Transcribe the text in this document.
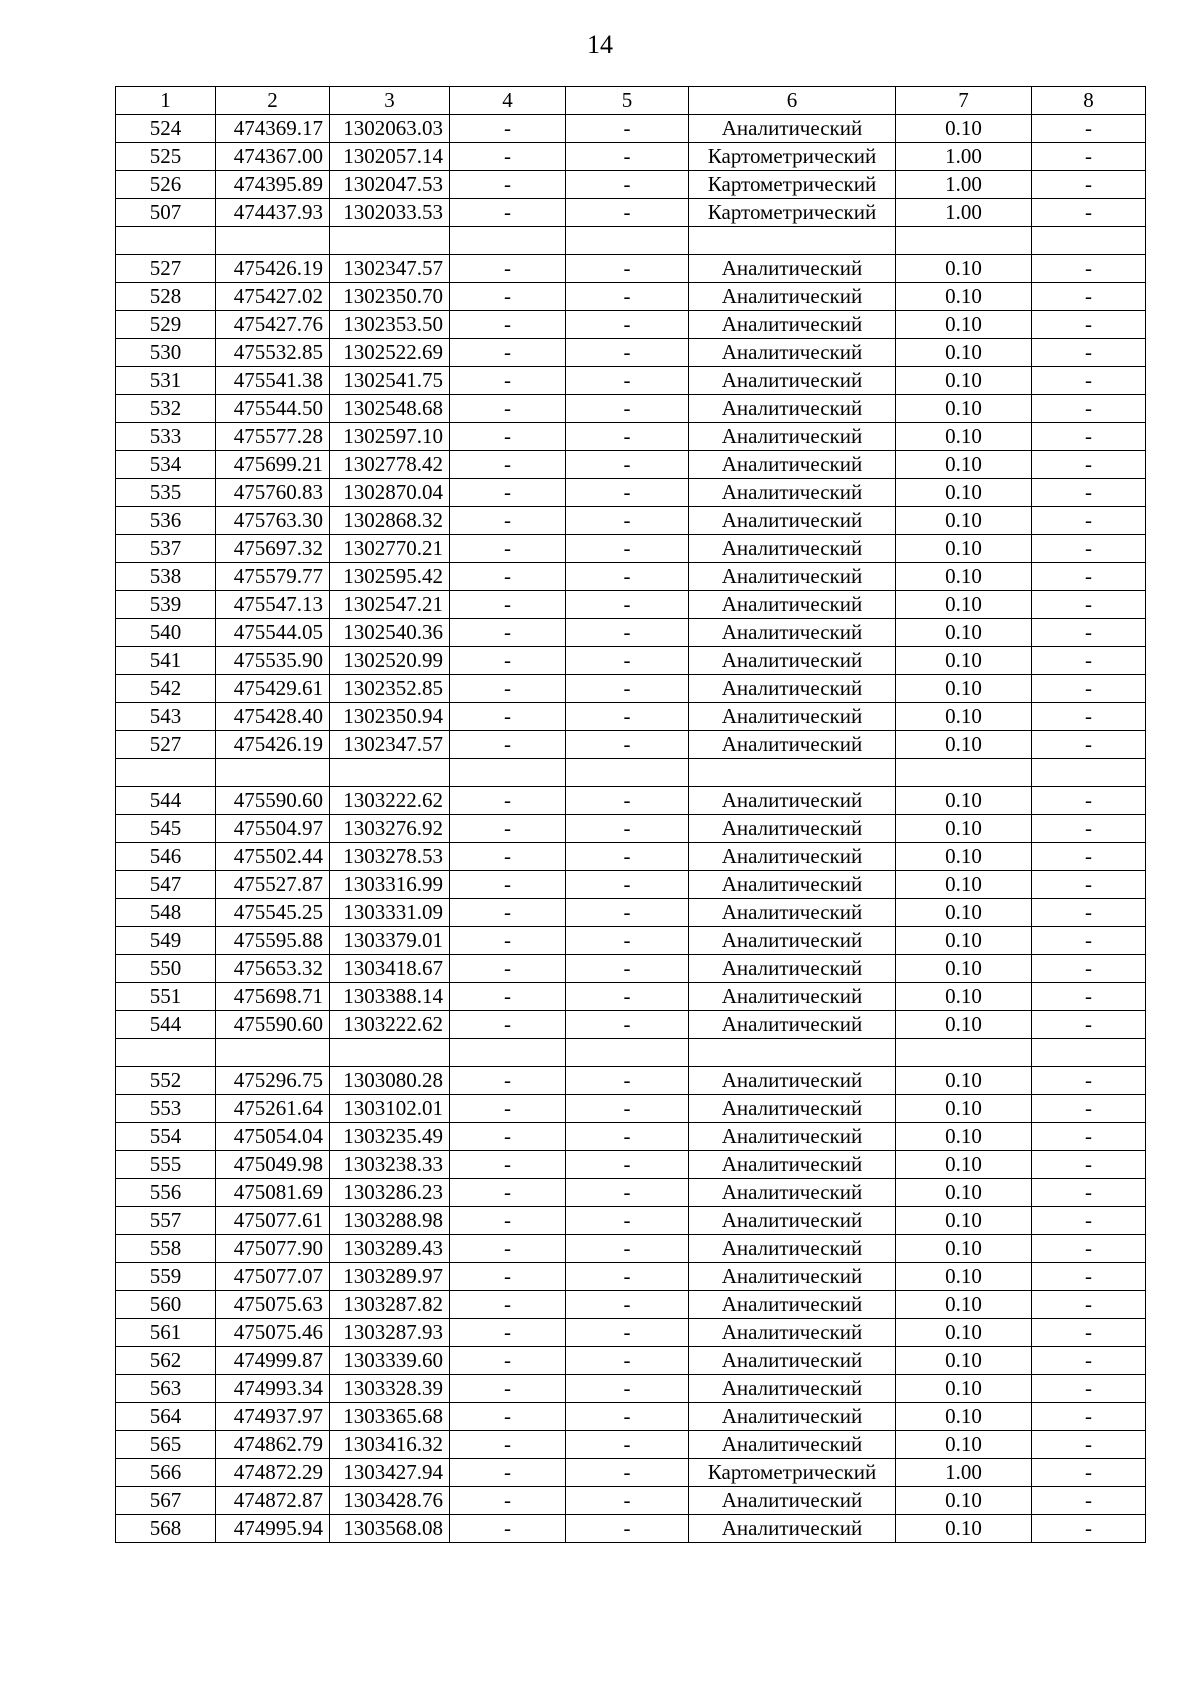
14
1	2	3	4	5	6	7	8
524	474369.17	1302063.03	-	-	Аналитический	0.10	-
525	474367.00	1302057.14	-	-	Картометрический	1.00	-
526	474395.89	1302047.53	-	-	Картометрический	1.00	-
507	474437.93	1302033.53	-	-	Картометрический	1.00	-

527	475426.19	1302347.57	-	-	Аналитический	0.10	-
528	475427.02	1302350.70	-	-	Аналитический	0.10	-
529	475427.76	1302353.50	-	-	Аналитический	0.10	-
530	475532.85	1302522.69	-	-	Аналитический	0.10	-
531	475541.38	1302541.75	-	-	Аналитический	0.10	-
532	475544.50	1302548.68	-	-	Аналитический	0.10	-
533	475577.28	1302597.10	-	-	Аналитический	0.10	-
534	475699.21	1302778.42	-	-	Аналитический	0.10	-
535	475760.83	1302870.04	-	-	Аналитический	0.10	-
536	475763.30	1302868.32	-	-	Аналитический	0.10	-
537	475697.32	1302770.21	-	-	Аналитический	0.10	-
538	475579.77	1302595.42	-	-	Аналитический	0.10	-
539	475547.13	1302547.21	-	-	Аналитический	0.10	-
540	475544.05	1302540.36	-	-	Аналитический	0.10	-
541	475535.90	1302520.99	-	-	Аналитический	0.10	-
542	475429.61	1302352.85	-	-	Аналитический	0.10	-
543	475428.40	1302350.94	-	-	Аналитический	0.10	-
527	475426.19	1302347.57	-	-	Аналитический	0.10	-

544	475590.60	1303222.62	-	-	Аналитический	0.10	-
545	475504.97	1303276.92	-	-	Аналитический	0.10	-
546	475502.44	1303278.53	-	-	Аналитический	0.10	-
547	475527.87	1303316.99	-	-	Аналитический	0.10	-
548	475545.25	1303331.09	-	-	Аналитический	0.10	-
549	475595.88	1303379.01	-	-	Аналитический	0.10	-
550	475653.32	1303418.67	-	-	Аналитический	0.10	-
551	475698.71	1303388.14	-	-	Аналитический	0.10	-
544	475590.60	1303222.62	-	-	Аналитический	0.10	-

552	475296.75	1303080.28	-	-	Аналитический	0.10	-
553	475261.64	1303102.01	-	-	Аналитический	0.10	-
554	475054.04	1303235.49	-	-	Аналитический	0.10	-
555	475049.98	1303238.33	-	-	Аналитический	0.10	-
556	475081.69	1303286.23	-	-	Аналитический	0.10	-
557	475077.61	1303288.98	-	-	Аналитический	0.10	-
558	475077.90	1303289.43	-	-	Аналитический	0.10	-
559	475077.07	1303289.97	-	-	Аналитический	0.10	-
560	475075.63	1303287.82	-	-	Аналитический	0.10	-
561	475075.46	1303287.93	-	-	Аналитический	0.10	-
562	474999.87	1303339.60	-	-	Аналитический	0.10	-
563	474993.34	1303328.39	-	-	Аналитический	0.10	-
564	474937.97	1303365.68	-	-	Аналитический	0.10	-
565	474862.79	1303416.32	-	-	Аналитический	0.10	-
566	474872.29	1303427.94	-	-	Картометрический	1.00	-
567	474872.87	1303428.76	-	-	Аналитический	0.10	-
568	474995.94	1303568.08	-	-	Аналитический	0.10	-
